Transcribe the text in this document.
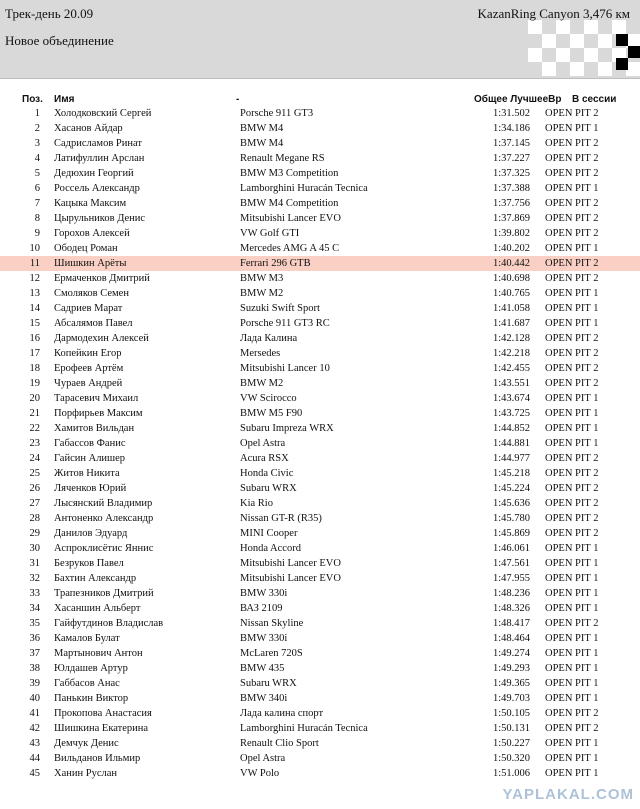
Трек-день 20.09
Новое объединение
KazanRing Canyon 3,476 км
Поз. Имя	-	Общее ЛучшееВр В сессии
1 Холодковский Сергей	Porsche 911 GT3	1:31.502 OPEN PIT 2
2 Хасанов Айдар	BMW M4	1:34.186 OPEN PIT 1
3 Садрисламов Ринат	BMW M4	1:37.145 OPEN PIT 2
4 Латифуллин Арслан	Renault Megane RS	1:37.227 OPEN PIT 2
5 Дедюхин Георгий	BMW M3 Competition	1:37.325 OPEN PIT 2
6 Россель Александр	Lamborghini Huracán Tecnica	1:37.388 OPEN PIT 1
7 Кацыка Максим	BMW M4 Competition	1:37.756 OPEN PIT 2
8 Цырульников Денис	Mitsubishi Lancer EVO	1:37.869 OPEN PIT 2
9 Горохов Алексей	VW Golf GTI	1:39.802 OPEN PIT 2
10 Ободец Роман	Mercedes AMG A 45 C	1:40.202 OPEN PIT 1
11 Шишкин Арёты	Ferrari 296 GTB	1:40.442 OPEN PIT 2
12 Ермаченков Дмитрий	BMW M3	1:40.698 OPEN PIT 2
13 Смоляков Семен	BMW M2	1:40.765 OPEN PIT 1
14 Садриев Марат	Suzuki Swift Sport	1:41.058 OPEN PIT 1
15 Абсалямов Павел	Porsche 911 GT3 RC	1:41.687 OPEN PIT 1
16 Дармодехин Алексей	Лада Калина	1:42.128 OPEN PIT 2
17 Копейкин Егор	Mersedes	1:42.218 OPEN PIT 2
18 Ерофеев Артём	Mitsubishi Lancer 10	1:42.455 OPEN PIT 2
19 Чураев Андрей	BMW M2	1:43.551 OPEN PIT 2
20 Тарасевич Михаил	VW Scirocco	1:43.674 OPEN PIT 1
21 Порфирьев Максим	BMW M5 F90	1:43.725 OPEN PIT 1
22 Хамитов Вильдан	Subaru Impreza WRX	1:44.852 OPEN PIT 1
23 Габассов Фанис	Opel Astra	1:44.881 OPEN PIT 1
24 Гайсин Алишер	Acura RSX	1:44.977 OPEN PIT 2
25 Житов Никита	Honda Civic	1:45.218 OPEN PIT 2
26 Ляченков Юрий	Subaru WRX	1:45.224 OPEN PIT 2
27 Лысянский Владимир	Kia Rio	1:45.636 OPEN PIT 2
28 Антоненко Александр	Nissan GT-R (R35)	1:45.780 OPEN PIT 2
29 Данилов Эдуард	MINI Cooper	1:45.869 OPEN PIT 2
30 Аспроклисётис Яннис	Honda Accord	1:46.061 OPEN PIT 1
31 Безруков Павел	Mitsubishi Lancer EVO	1:47.561 OPEN PIT 1
32 Бахтин Александр	Mitsubishi Lancer EVO	1:47.955 OPEN PIT 1
33 Трапезников Дмитрий	BMW 330i	1:48.236 OPEN PIT 1
34 Хасаншин Альберт	ВАЗ 2109	1:48.326 OPEN PIT 1
35 Гайфутдинов Владислав	Nissan Skyline	1:48.417 OPEN PIT 2
36 Камалов Булат	BMW 330i	1:48.464 OPEN PIT 1
37 Мартынович Антон	McLaren 720S	1:49.274 OPEN PIT 1
38 Юлдашев Артур	BMW 435	1:49.293 OPEN PIT 1
39 Габбасов Анас	Subaru WRX	1:49.365 OPEN PIT 1
40 Панькин Виктор	BMW 340i	1:49.703 OPEN PIT 1
41 Прокопова Анастасия	Лада калина спорт	1:50.105 OPEN PIT 2
42 Шишкина Екатерина	Lamborghini Huracán Tecnica	1:50.131 OPEN PIT 2
43 Демчук Денис	Renault Clio Sport	1:50.227 OPEN PIT 1
44 Вильданов Ильмир	Opel Astra	1:50.320 OPEN PIT 1
45 Ханин Руслан	VW Polo	1:51.006 OPEN PIT 1
YAPLAKAL.COM
